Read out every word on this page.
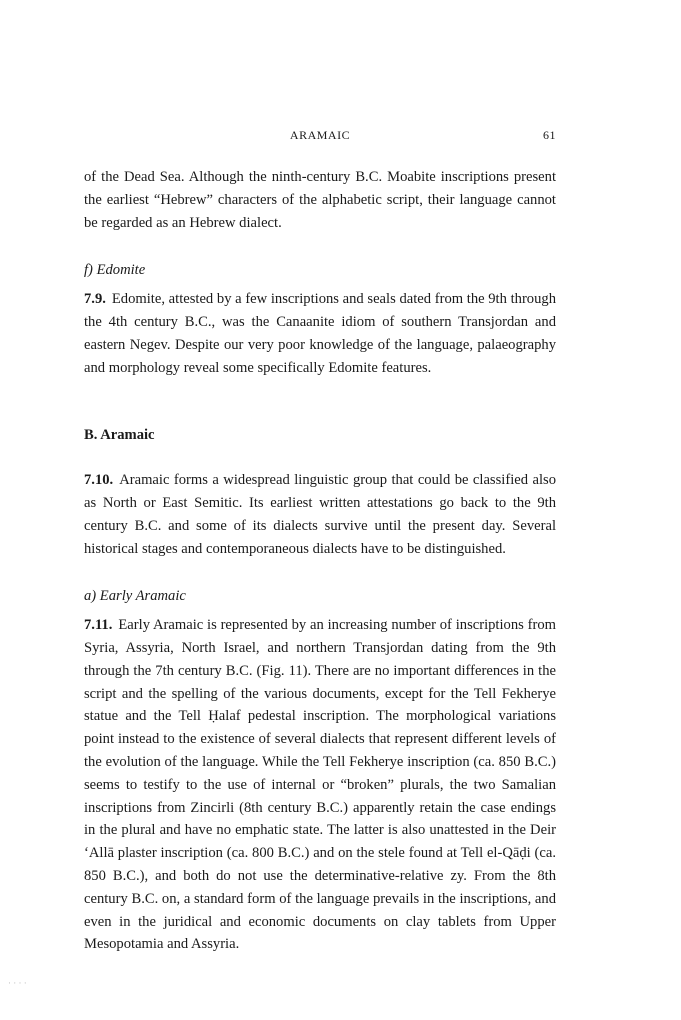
ARAMAIC	61

of the Dead Sea. Although the ninth-century B.C. Moabite inscriptions present the earliest “Hebrew” characters of the alphabetic script, their language cannot be regarded as an Hebrew dialect.

f) Edomite

7.9. Edomite, attested by a few inscriptions and seals dated from the 9th through the 4th century B.C., was the Canaanite idiom of southern Transjordan and eastern Negev. Despite our very poor knowledge of the language, palaeography and morphology reveal some specifically Edomite features.

B. Aramaic

7.10. Aramaic forms a widespread linguistic group that could be classified also as North or East Semitic. Its earliest written attestations go back to the 9th century B.C. and some of its dialects survive until the present day. Several historical stages and contemporaneous dialects have to be distinguished.

a) Early Aramaic

7.11. Early Aramaic is represented by an increasing number of inscriptions from Syria, Assyria, North Israel, and northern Transjordan dating from the 9th through the 7th century B.C. (Fig. 11). There are no important differences in the script and the spelling of the various documents, except for the Tell Fekherye statue and the Tell Ḥalaf pedestal inscription. The morphological variations point instead to the existence of several dialects that represent different levels of the evolution of the language. While the Tell Fekherye inscription (ca. 850 B.C.) seems to testify to the use of internal or “broken” plurals, the two Samalian inscriptions from Zincirli (8th century B.C.) apparently retain the case endings in the plural and have no emphatic state. The latter is also unattested in the Deir ‘Allā plaster inscription (ca. 800 B.C.) and on the stele found at Tell el-Qāḍi (ca. 850 B.C.), and both do not use the determinative-relative zy. From the 8th century B.C. on, a standard form of the language prevails in the inscriptions, and even in the juridical and economic documents on clay tablets from Upper Mesopotamia and Assyria.

· · · ·
